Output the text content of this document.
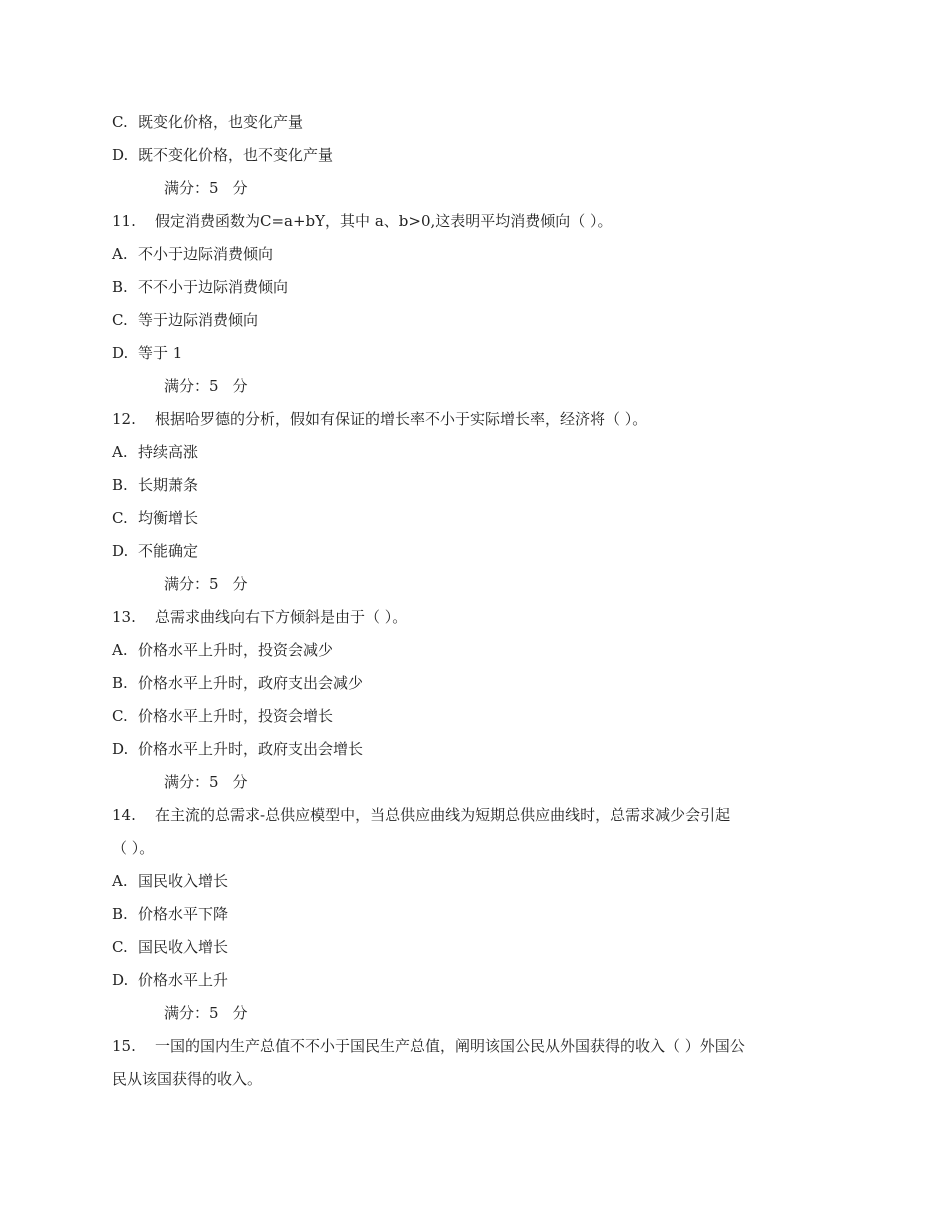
C. 既变化价格，也变化产量
D. 既不变化价格，也不变化产量
满分：5 分
11. 假定消费函数为C=a+bY，其中 a、b>0,这表明平均消费倾向（ ）。
A. 不小于边际消费倾向
B. 不不小于边际消费倾向
C. 等于边际消费倾向
D. 等于 1
满分：5 分
12. 根据哈罗德的分析，假如有保证的增长率不小于实际增长率，经济将（ ）。
A. 持续高涨
B. 长期萧条
C. 均衡增长
D. 不能确定
满分：5 分
13. 总需求曲线向右下方倾斜是由于（ ）。
A. 价格水平上升时，投资会减少
B. 价格水平上升时，政府支出会减少
C. 价格水平上升时，投资会增长
D. 价格水平上升时，政府支出会增长
满分：5 分
14. 在主流的总需求-总供应模型中，当总供应曲线为短期总供应曲线时，总需求减少会引起
（ ）。
A. 国民收入增长
B. 价格水平下降
C. 国民收入增长
D. 价格水平上升
满分：5 分
15. 一国的国内生产总值不不小于国民生产总值，阐明该国公民从外国获得的收入（ ）外国公
民从该国获得的收入。
